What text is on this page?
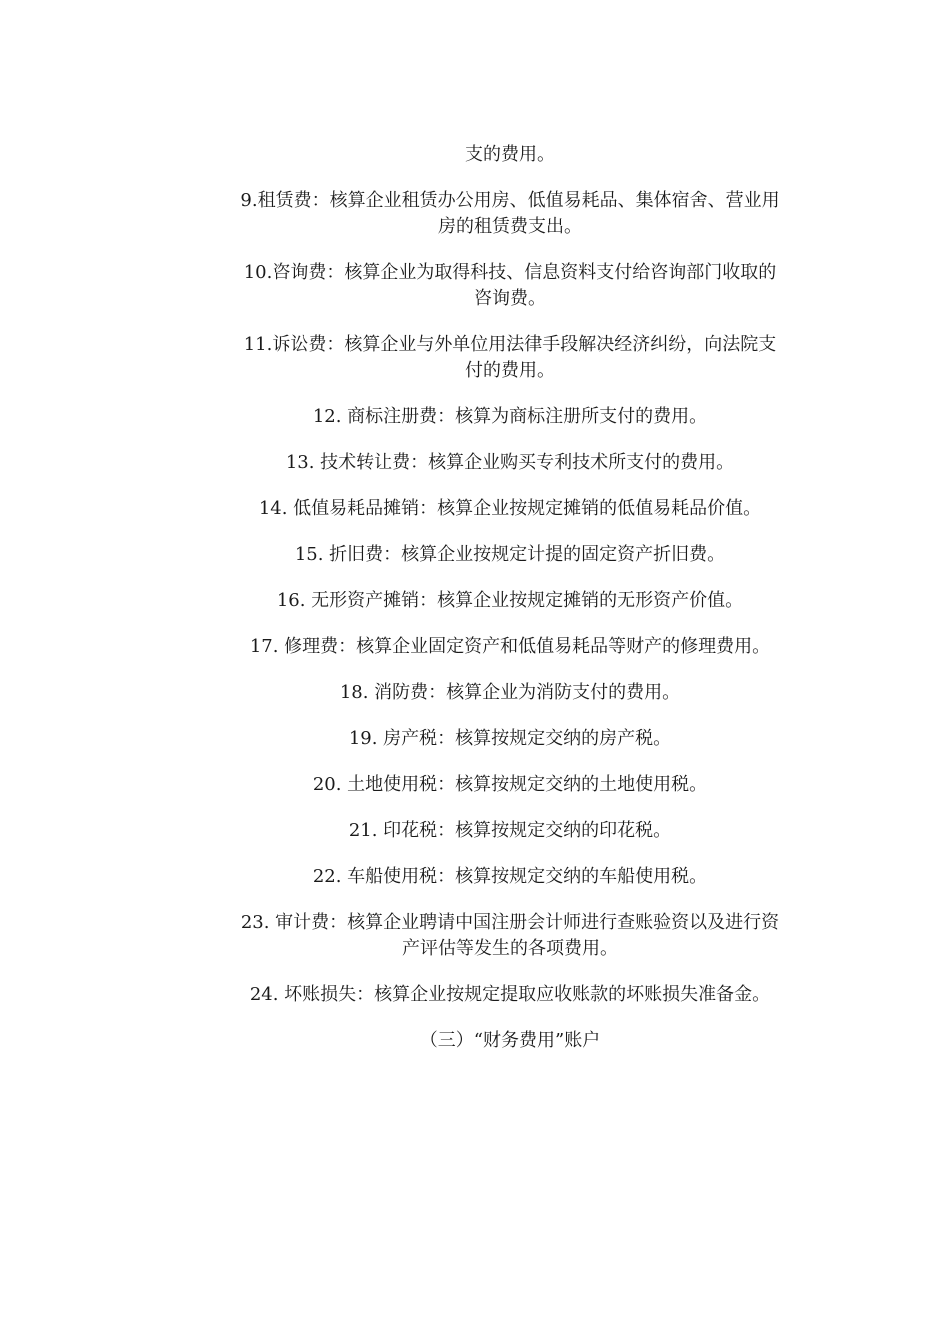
支的费用。

9.租赁费：核算企业租赁办公用房、低值易耗品、集体宿舍、营业用房的租赁费支出。

10.咨询费：核算企业为取得科技、信息资料支付给咨询部门收取的咨询费。

11.诉讼费：核算企业与外单位用法律手段解决经济纠纷，向法院支付的费用。

12. 商标注册费：核算为商标注册所支付的费用。

13. 技术转让费：核算企业购买专利技术所支付的费用。

14. 低值易耗品摊销：核算企业按规定摊销的低值易耗品价值。

15. 折旧费：核算企业按规定计提的固定资产折旧费。

16. 无形资产摊销：核算企业按规定摊销的无形资产价值。

17. 修理费：核算企业固定资产和低值易耗品等财产的修理费用。

18. 消防费：核算企业为消防支付的费用。

19. 房产税：核算按规定交纳的房产税。

20. 土地使用税：核算按规定交纳的土地使用税。

21. 印花税：核算按规定交纳的印花税。

22. 车船使用税：核算按规定交纳的车船使用税。

23. 审计费：核算企业聘请中国注册会计师进行查账验资以及进行资产评估等发生的各项费用。

24. 坏账损失：核算企业按规定提取应收账款的坏账损失准备金。

（三）“财务费用”账户
